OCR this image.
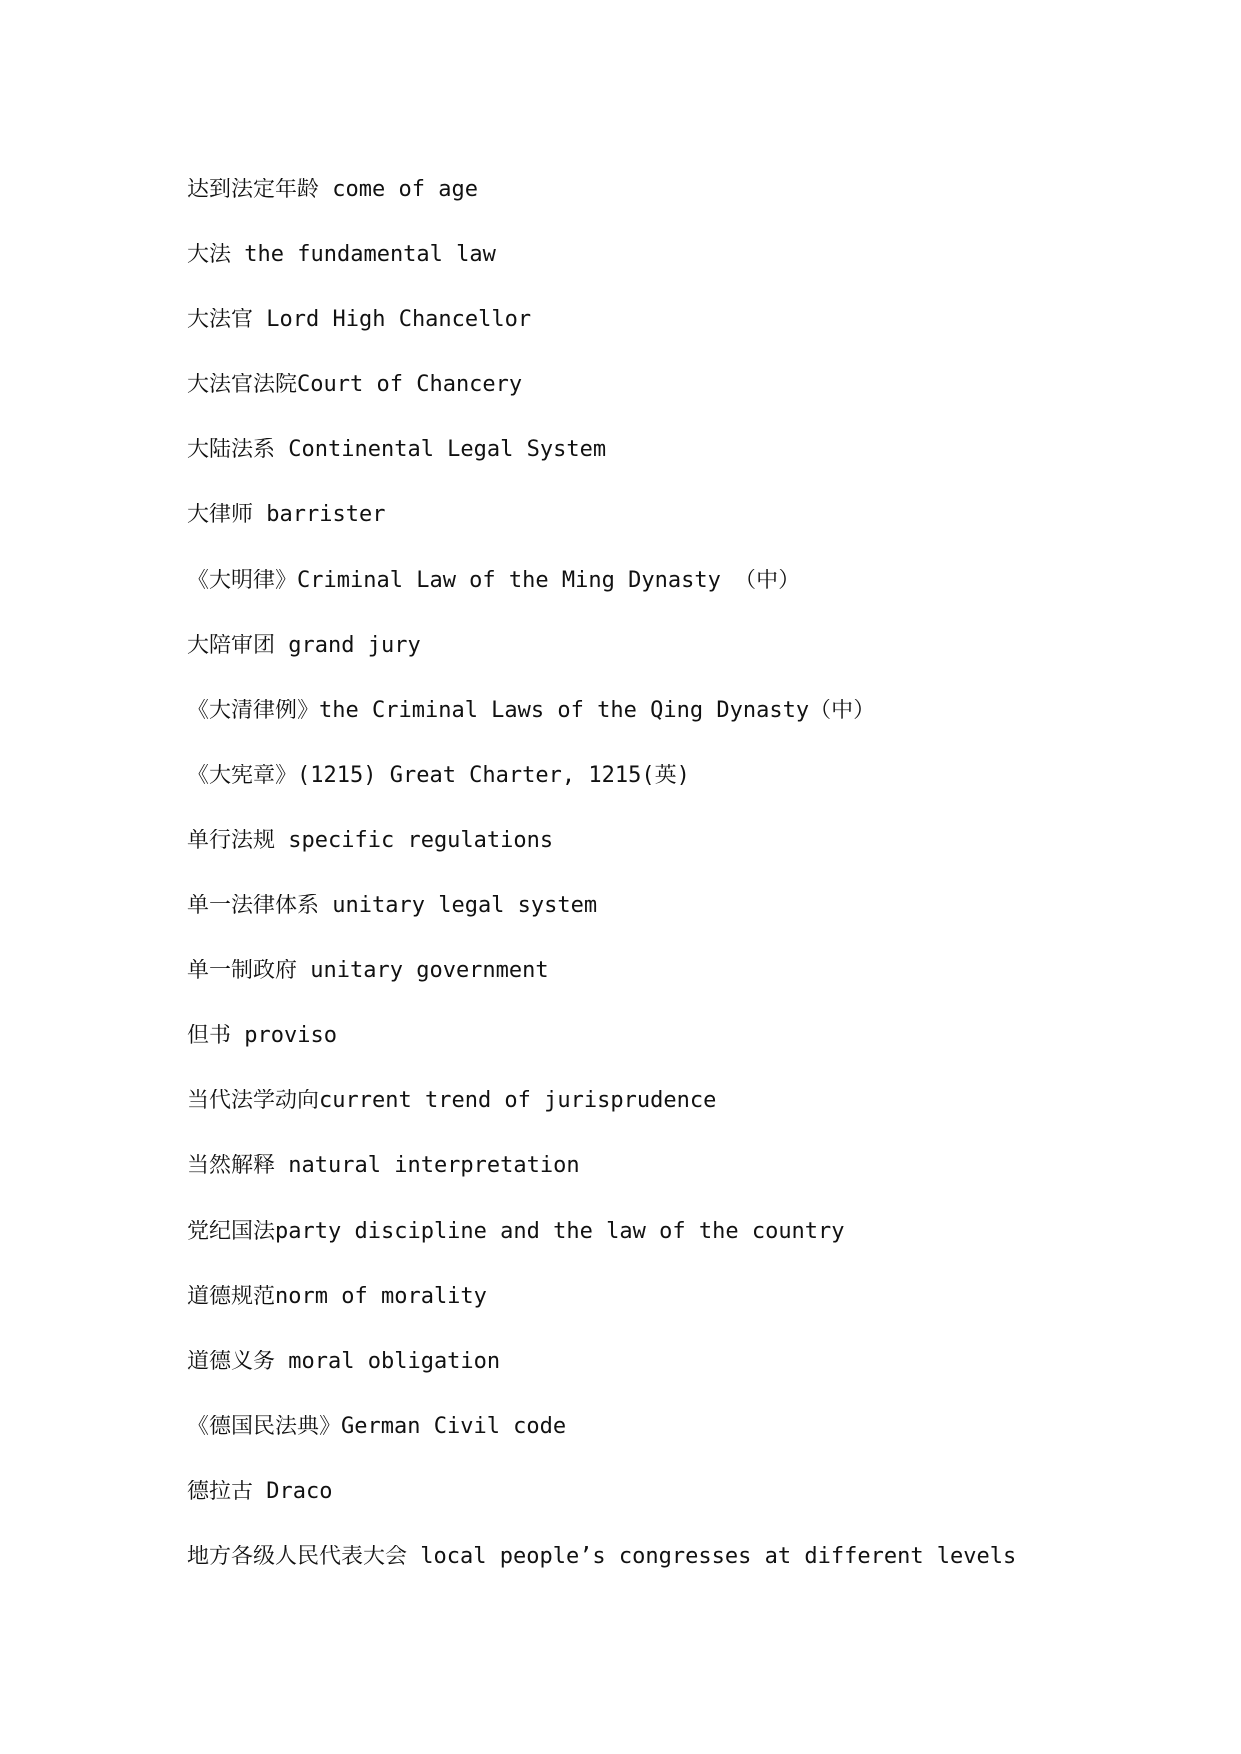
达到法定年龄 come of age
大法 the fundamental law
大法官 Lord High Chancellor
大法官法院Court of Chancery
大陆法系 Continental Legal System
大律师 barrister
《大明律》Criminal Law of the Ming Dynasty （中）
大陪审团 grand jury
《大清律例》the Criminal Laws of the Qing Dynasty（中）
《大宪章》(1215) Great Charter, 1215(英)
单行法规 specific regulations
单一法律体系 unitary legal system
单一制政府 unitary government
但书 proviso
当代法学动向current trend of jurisprudence
当然解释 natural interpretation
党纪国法party discipline and the law of the country
道德规范norm of morality
道德义务 moral obligation
《德国民法典》German Civil code
德拉古 Draco
地方各级人民代表大会 local people’s congresses at different levels
